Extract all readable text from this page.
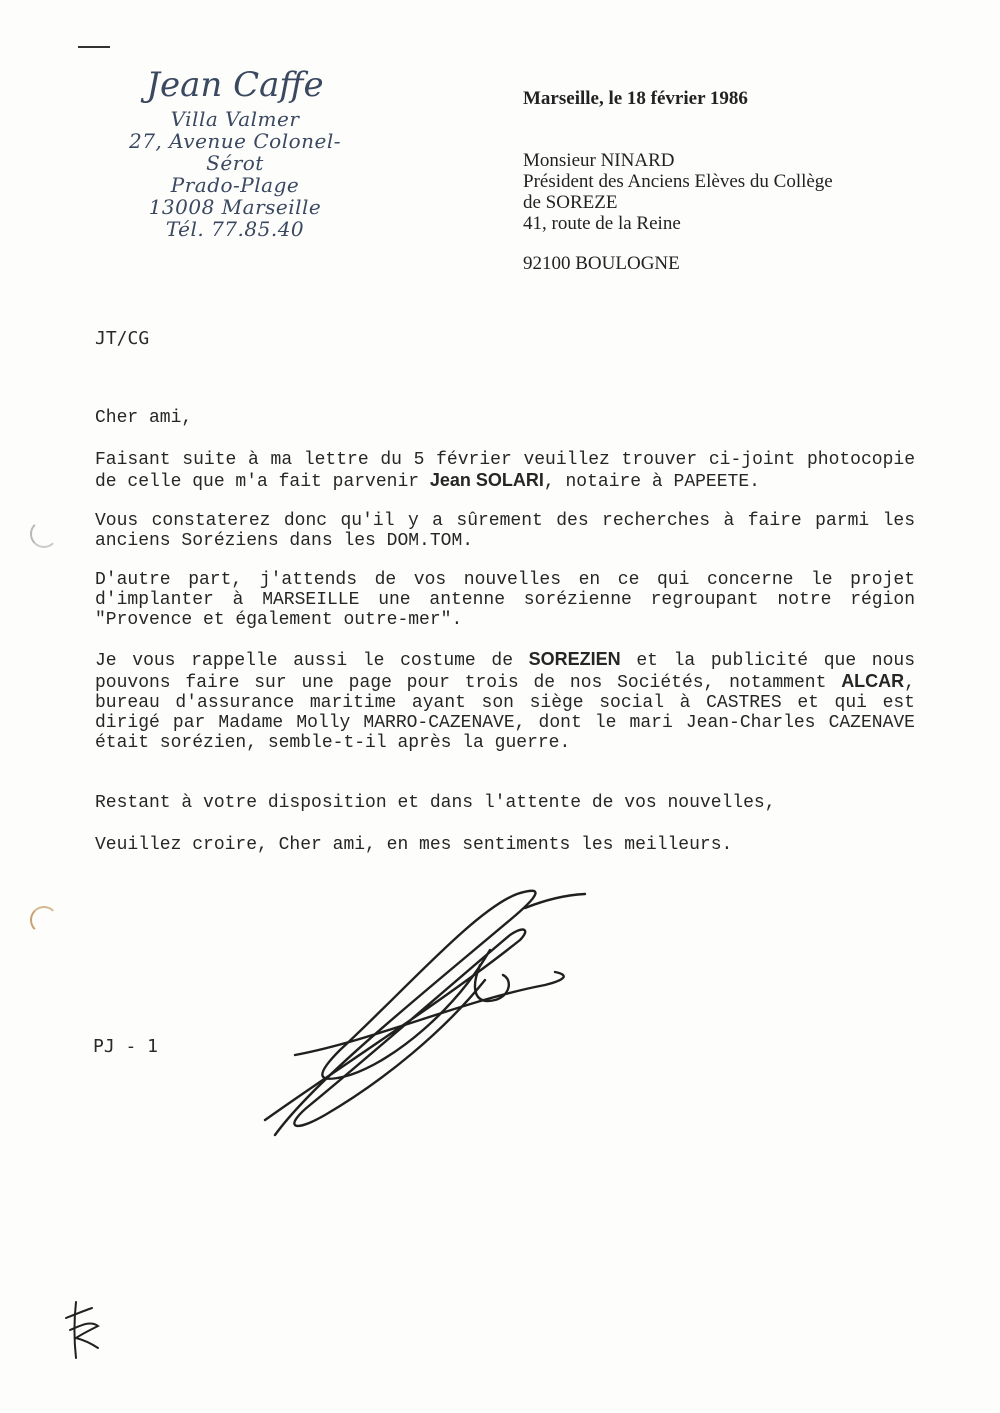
Jean Caffe
Villa Valmer
27, Avenue Colonel-Sérot
Prado-Plage
13008 Marseille
Tél. 77.85.40
Marseille, le 18 février 1986
Monsieur NINARD
Président des Anciens Elèves du Collège
de SOREZE
41, route de la Reine
92100 BOULOGNE
JT/CG

Cher ami,

Faisant suite à ma lettre du 5 février veuillez trouver ci-joint photocopie de celle que m'a fait parvenir Jean SOLARI, notaire à PAPEETE.

Vous constaterez donc qu'il y a sûrement des recherches à faire parmi les anciens Soréziens dans les DOM.TOM.

D'autre part, j'attends de vos nouvelles en ce qui concerne le projet d'implanter à MARSEILLE une antenne sorézienne regroupant notre région "Provence et également outre-mer".

Je vous rappelle aussi le costume de SOREZIEN et la publicité que nous pouvons faire sur une page pour trois de nos Sociétés, notamment ALCAR, bureau d'assurance maritime ayant son siège social à CASTRES et qui est dirigé par Madame Molly MARRO-CAZENAVE, dont le mari Jean-Charles CAZENAVE était sorézien, semble-t-il après la guerre.

Restant à votre disposition et dans l'attente de vos nouvelles,

Veuillez croire, Cher ami, en mes sentiments les meilleurs.

PJ - 1
